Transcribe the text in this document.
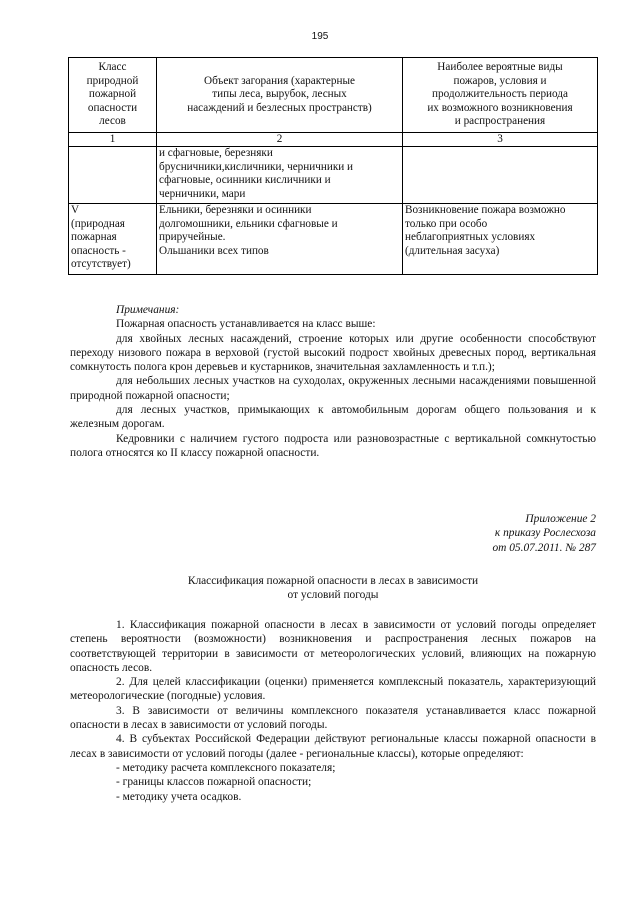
195
Класс
природной
пожарной
опасности
лесов	Объект загорания (характерные
типы леса, вырубок, лесных
насаждений и безлесных пространств)	Наиболее вероятные виды
пожаров, условия и
продолжительность периода
их возможного возникновения
и распространения

1	2	3

	и сфагновые, березняки
брусничники,кисличники, черничники и
сфагновые, осинники кисличники и
черничники, мари	

V
(природная
пожарная
опасность -
отсутствует)	Ельники, березняки и осинники
долгомошники, ельники сфагновые и
приручейные.
Ольшаники всех типов	Возникновение пожара возможно
только при особо
неблагоприятных условиях
(длительная засуха)
Примечания:
Пожарная опасность устанавливается на класс выше:
для хвойных лесных насаждений, строение которых или другие особенности способствуют переходу низового пожара в верховой (густой высокий подрост хвойных древесных пород, вертикальная сомкнутость полога крон деревьев и кустарников, значительная захламленность и т.п.);
для небольших лесных участков на суходолах, окруженных лесными насаждениями повышенной природной пожарной опасности;
для лесных участков, примыкающих к автомобильным дорогам общего пользования и к железным дорогам.
Кедровники с наличием густого подроста или разновозрастные с вертикальной сомкнутостью полога относятся ко II классу пожарной опасности.
Приложение 2
к приказу Рослесхоза
от 05.07.2011. № 287
Классификация пожарной опасности в лесах в зависимости
от условий погоды
1. Классификация пожарной опасности в лесах в зависимости от условий погоды определяет степень вероятности (возможности) возникновения и распространения лесных пожаров на соответствующей территории в зависимости от метеорологических условий, влияющих на пожарную опасность лесов.
2. Для целей классификации (оценки) применяется комплексный показатель, характеризующий метеорологические (погодные) условия.
3. В зависимости от величины комплексного показателя устанавливается класс пожарной опасности в лесах в зависимости от условий погоды.
4. В субъектах Российской Федерации действуют региональные классы пожарной опасности в лесах в зависимости от условий погоды (далее - региональные классы), которые определяют:
- методику расчета комплексного показателя;
- границы классов пожарной опасности;
- методику учета осадков.
